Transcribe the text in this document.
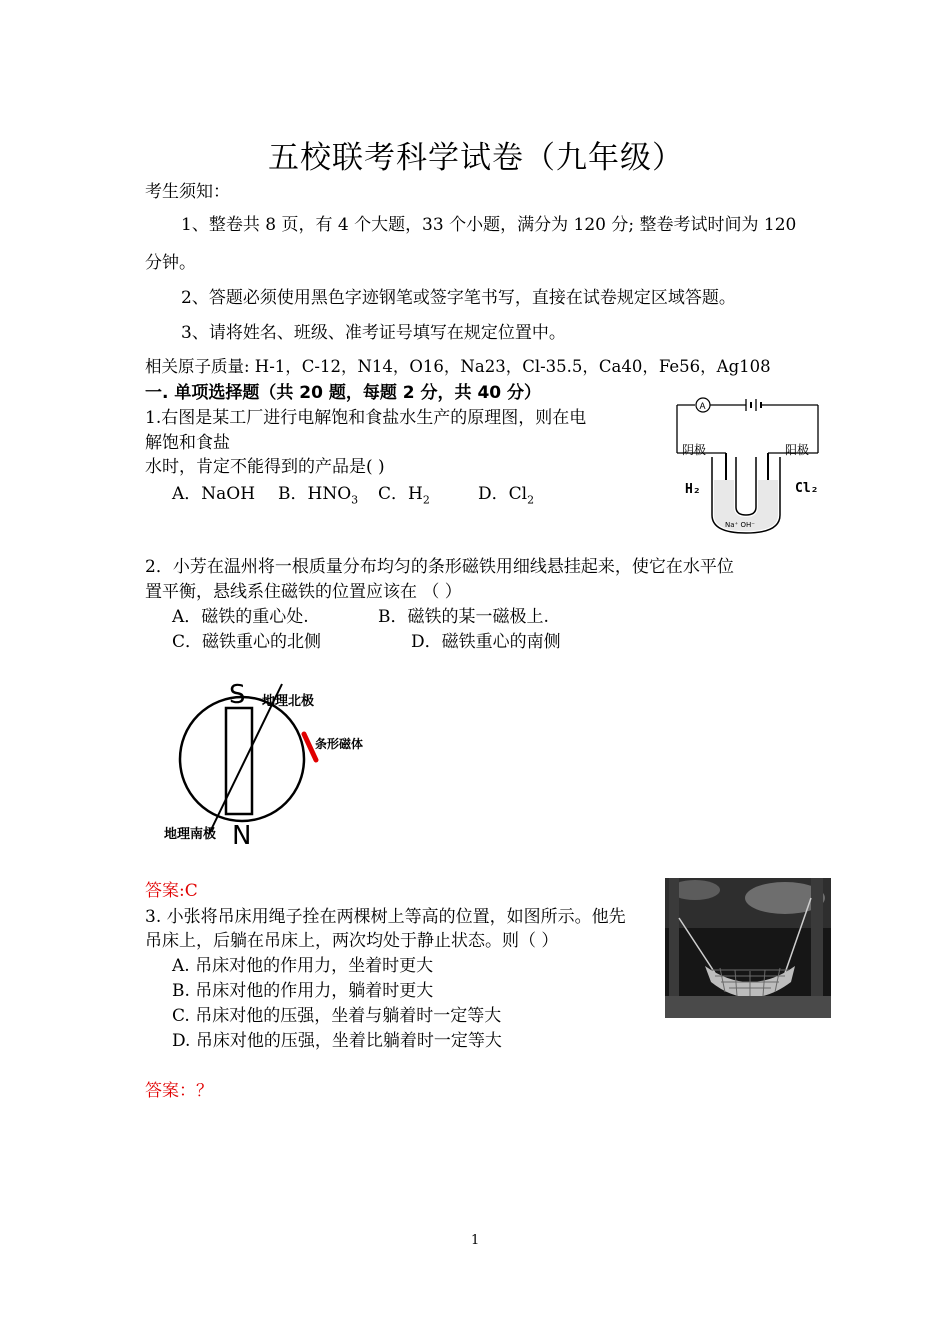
五校联考科学试卷（九年级）
考生须知：
1、整卷共 8 页，有 4 个大题，33 个小题，满分为 120 分; 整卷考试时间为 120
分钟。
2、答题必须使用黑色字迹钢笔或签字笔书写，直接在试卷规定区域答题。
3、请将姓名、班级、准考证号填写在规定位置中。
相关原子质量: H-1，C-12，N14，O16，Na23，Cl-35.5，Ca40，Fe56，Ag108
一. 单项选择题（共 20 题，每题 2 分，共 40 分）
1.右图是某工厂进行电解饱和食盐水生产的原理图，则在电
解饱和食盐
水时，肯定不能得到的产品是( )
A．NaOH B．$HNO_3$ C．$H_2$	D．$Cl_2$
A
阴极	阳极
H₂	Cl₂
Na⁺ OH⁻
2．小芳在温州将一根质量分布均匀的条形磁铁用细线悬挂起来，使它在水平位
置平衡，悬线系住磁铁的位置应该在 （ ）
A．磁铁的重心处.	B．磁铁的某一磁极上.
C．磁铁重心的北侧	D．磁铁重心的南侧
S
N
地理北极
地理南极
条形磁体
答案:C
3. 小张将吊床用绳子拴在两棵树上等高的位置，如图所示。他先
吊床上，后躺在吊床上，两次均处于静止状态。则（ ）
A. 吊床对他的作用力，坐着时更大
B. 吊床对他的作用力，躺着时更大
C. 吊床对他的压强，坐着与躺着时一定等大
D. 吊床对他的压强，坐着比躺着时一定等大
答案：？
1
